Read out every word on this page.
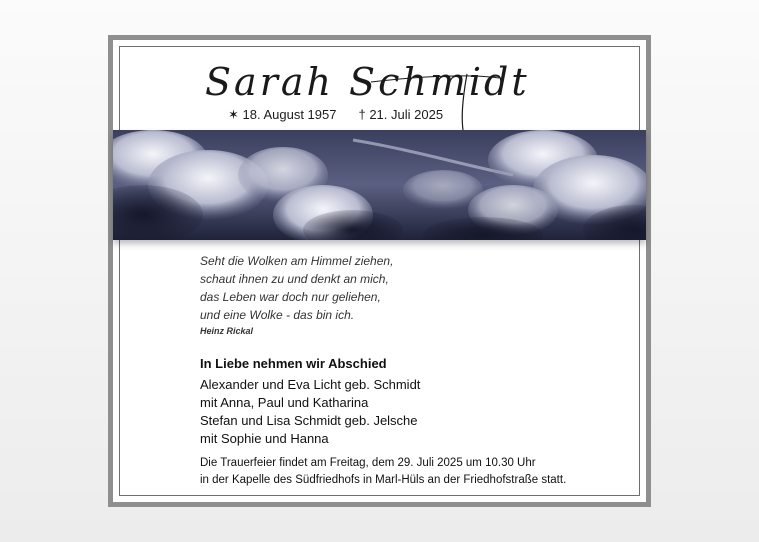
Sarah Schmidt
✶ 18. August 1957 † 21. Juli 2025
Seht die Wolken am Himmel ziehen,
schaut ihnen zu und denkt an mich,
das Leben war doch nur geliehen,
und eine Wolke - das bin ich.
Heinz Rickal
In Liebe nehmen wir Abschied
Alexander und Eva Licht geb. Schmidt
mit Anna, Paul und Katharina
Stefan und Lisa Schmidt geb. Jelsche
mit Sophie und Hanna
Die Trauerfeier findet am Freitag, dem 29. Juli 2025 um 10.30 Uhr
in der Kapelle des Südfriedhofs in Marl-Hüls an der Friedhofstraße statt.
